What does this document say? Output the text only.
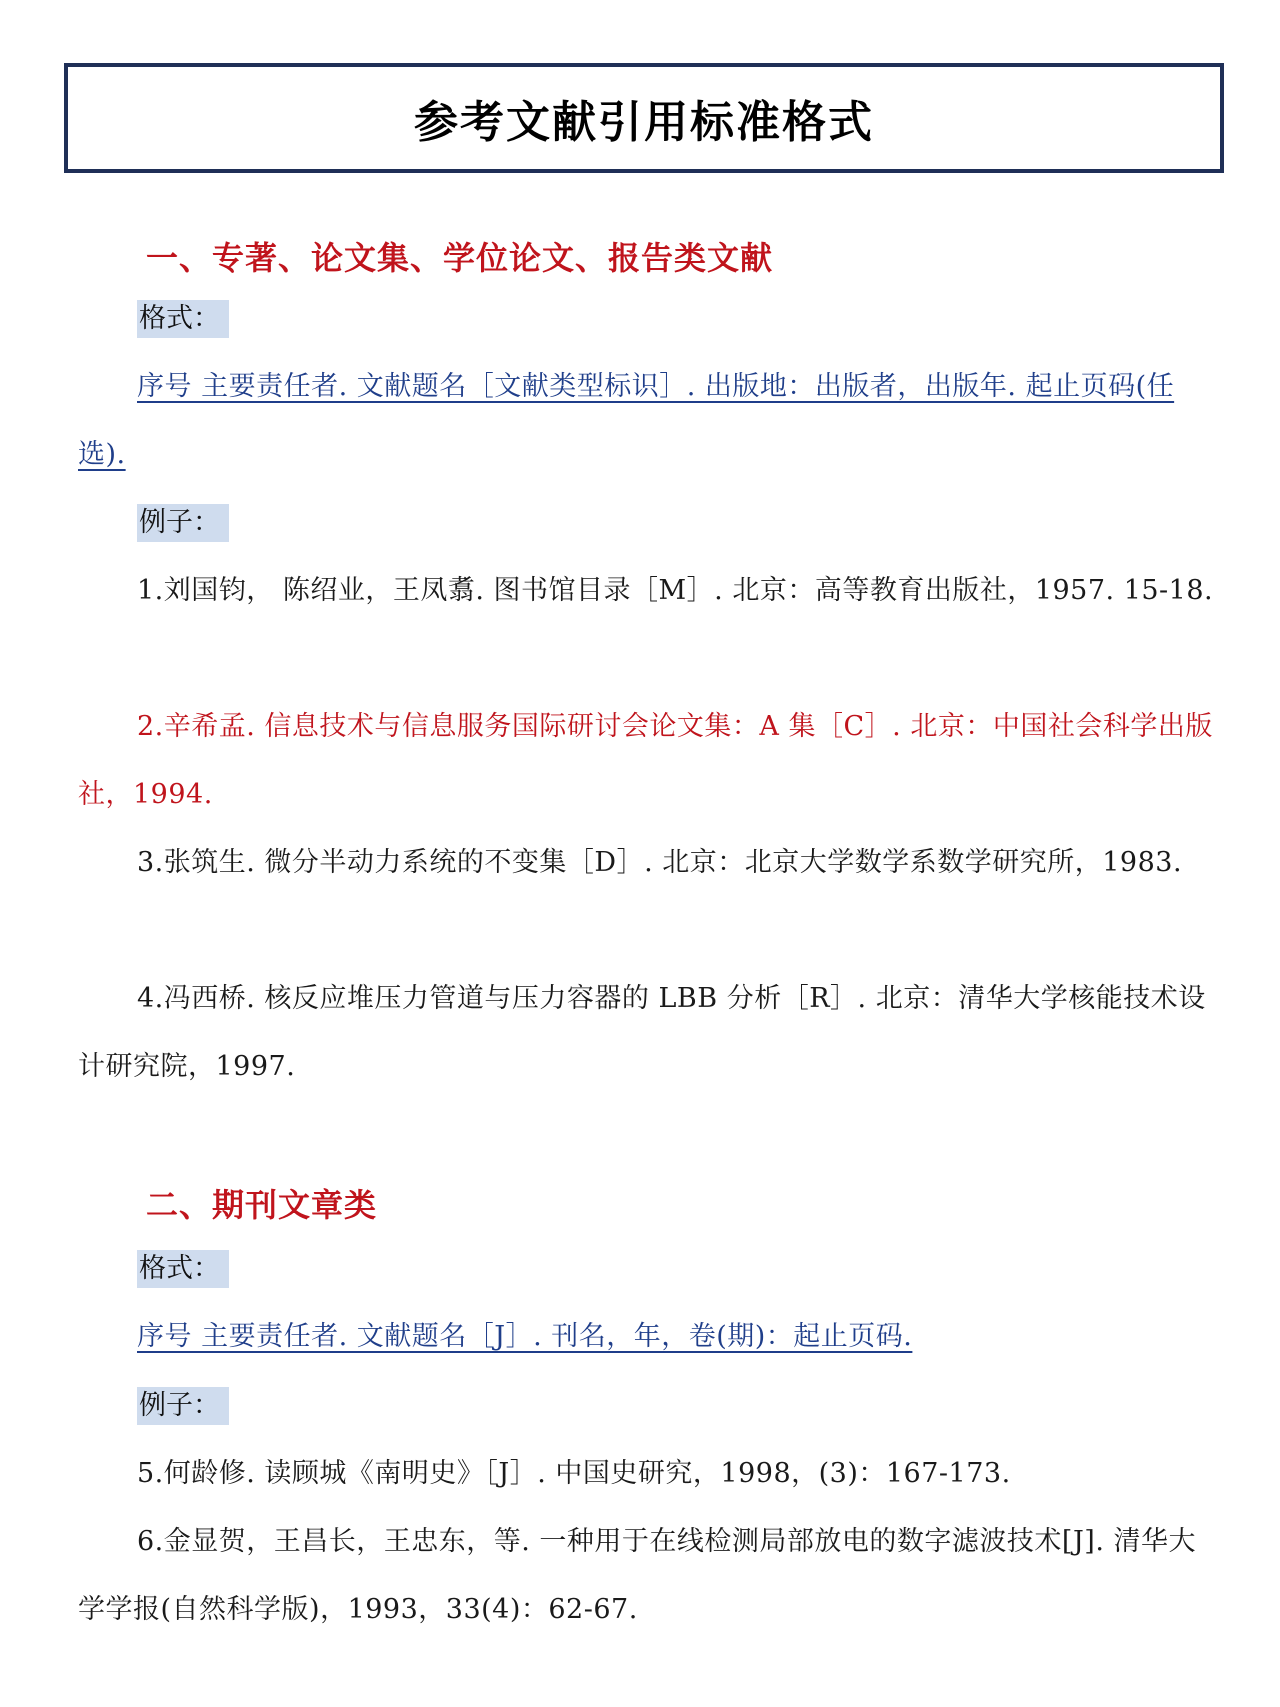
参考文献引用标准格式
一、专著、论文集、学位论文、报告类文献
格式：

序号 主要责任者. 文献题名［文献类型标识］. 出版地：出版者，出版年. 起止页码(任选).

例子：

1.刘国钧， 陈绍业，王凤翥. 图书馆目录［M］. 北京：高等教育出版社，1957. 15-18.

2.辛希孟. 信息技术与信息服务国际研讨会论文集：A 集［C］. 北京：中国社会科学出版社，1994.

3.张筑生. 微分半动力系统的不变集［D］. 北京：北京大学数学系数学研究所，1983.

4.冯西桥. 核反应堆压力管道与压力容器的 LBB 分析［R］. 北京：清华大学核能技术设计研究院，1997.

二、期刊文章类
格式：

序号 主要责任者. 文献题名［J］. 刊名，年，卷(期)：起止页码.

例子：

5.何龄修. 读顾城《南明史》［J］. 中国史研究，1998，(3)：167-173.

6.金显贺，王昌长，王忠东，等. 一种用于在线检测局部放电的数字滤波技术[J]. 清华大学学报(自然科学版)，1993，33(4)：62-67.
